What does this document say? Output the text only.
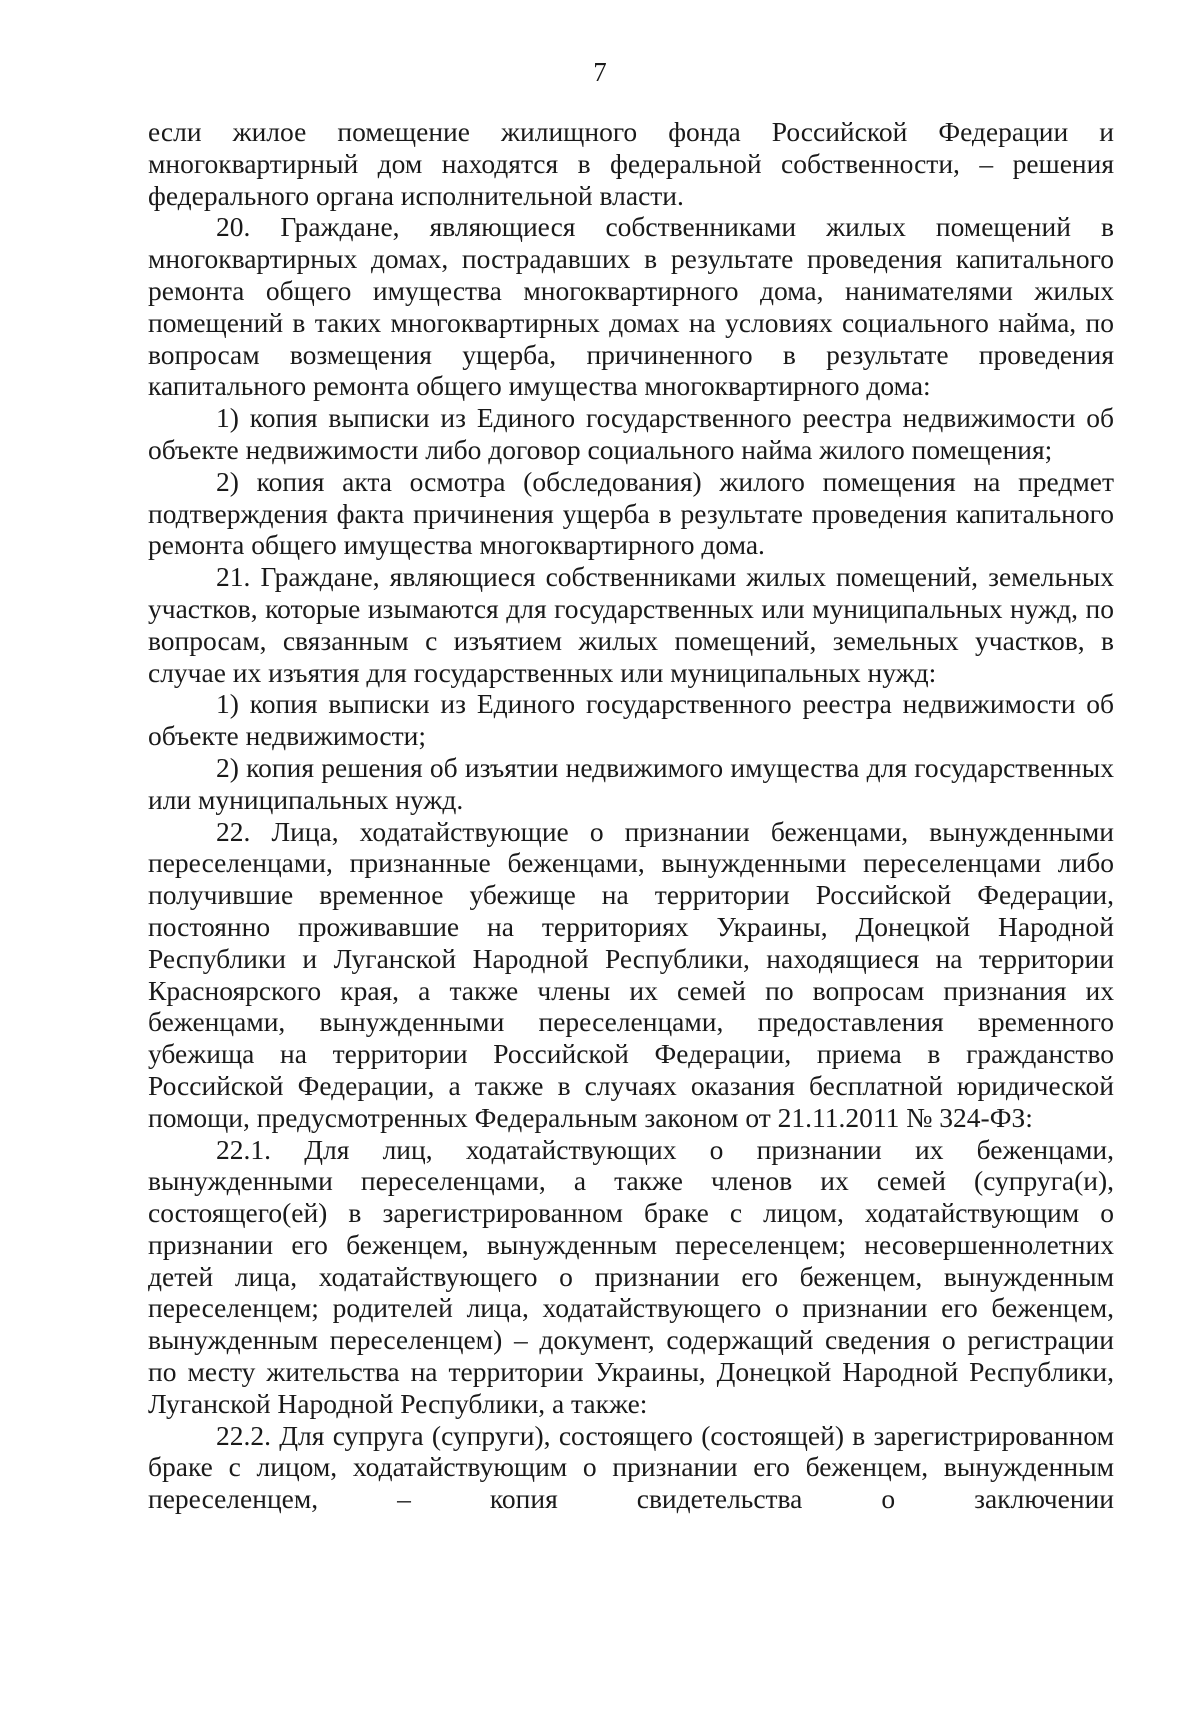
7

если жилое помещение жилищного фонда Российской Федерации и многоквартирный дом находятся в федеральной собственности, – решения федерального органа исполнительной власти.

20. Граждане, являющиеся собственниками жилых помещений в многоквартирных домах, пострадавших в результате проведения капитального ремонта общего имущества многоквартирного дома, нанимателями жилых помещений в таких многоквартирных домах на условиях социального найма, по вопросам возмещения ущерба, причиненного в результате проведения капитального ремонта общего имущества многоквартирного дома:

1) копия выписки из Единого государственного реестра недвижимости об объекте недвижимости либо договор социального найма жилого помещения;

2) копия акта осмотра (обследования) жилого помещения на предмет подтверждения факта причинения ущерба в результате проведения капитального ремонта общего имущества многоквартирного дома.

21. Граждане, являющиеся собственниками жилых помещений, земельных участков, которые изымаются для государственных или муниципальных нужд, по вопросам, связанным с изъятием жилых помещений, земельных участков, в случае их изъятия для государственных или муниципальных нужд:

1) копия выписки из Единого государственного реестра недвижимости об объекте недвижимости;

2) копия решения об изъятии недвижимого имущества для государственных или муниципальных нужд.

22. Лица, ходатайствующие о признании беженцами, вынужденными переселенцами, признанные беженцами, вынужденными переселенцами либо получившие временное убежище на территории Российской Федерации, постоянно проживавшие на территориях Украины, Донецкой Народной Республики и Луганской Народной Республики, находящиеся на территории Красноярского края, а также члены их семей по вопросам признания их беженцами, вынужденными переселенцами, предоставления временного убежища на территории Российской Федерации, приема в гражданство Российской Федерации, а также в случаях оказания бесплатной юридической помощи, предусмотренных Федеральным законом от 21.11.2011 № 324-ФЗ:

22.1. Для лиц, ходатайствующих о признании их беженцами, вынужденными переселенцами, а также членов их семей (супруга(и), состоящего(ей) в зарегистрированном браке с лицом, ходатайствующим о признании его беженцем, вынужденным переселенцем; несовершеннолетних детей лица, ходатайствующего о признании его беженцем, вынужденным переселенцем; родителей лица, ходатайствующего о признании его беженцем, вынужденным переселенцем) – документ, содержащий сведения о регистрации по месту жительства на территории Украины, Донецкой Народной Республики, Луганской Народной Республики, а также:

22.2. Для супруга (супруги), состоящего (состоящей) в зарегистрированном браке с лицом, ходатайствующим о признании его беженцем, вынужденным переселенцем, – копия свидетельства о заключении
